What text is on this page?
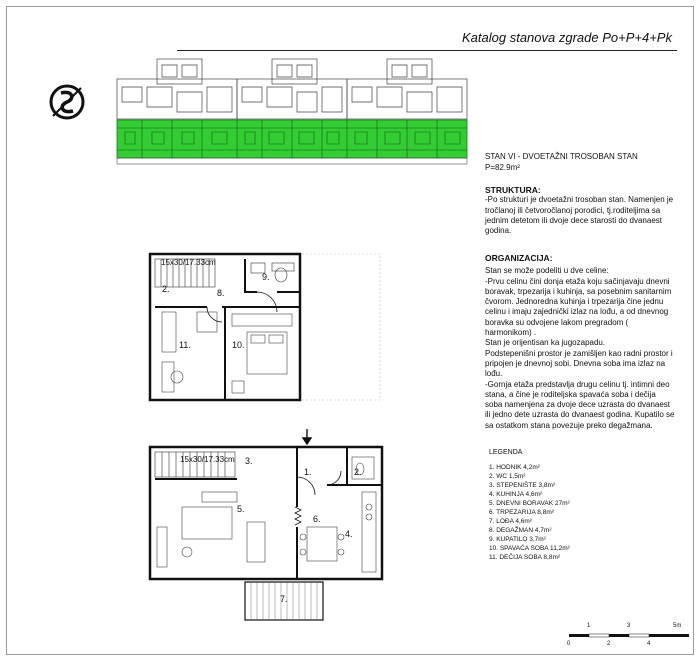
Katalog stanova zgrade Po+P+4+Pk
15x30/17.33cm
2.	8.
9.
11.	10.
15x30/17.33cm 3.
1.	2.
5.
6.
4.
7.
STAN VI - DVOETAŽNI TROSOBAN STAN
P=82.9m²
STRUKTURA:

-Po strukturi je dvoetažni trosoban stan. Namenjen je tročlanoj ili četvoročlanoj porodici, tj.roditeljima sa jednim detetom ili dvoje dece starosti do dvanaest godina.

ORGANIZACIJA:

Stan se može podeliti u dve celine:

-Prvu celinu čini donja etaža koju sačinjavaju dnevni boravak, trpezarija i kuhinja, sa posebnim sanitarnim čvorom. Jednoredna kuhinja i trpezarija čine jednu celinu i imaju zajednički izlaz na lođu, a od dnevnog boravka su odvojene lakom pregradom ( harmonikom) .

Stan je orijentisan ka jugozapadu.

Podstepenišni prostor je zamišljen kao radni prostor i pripojen je dnevnoj sobi. Dnevna soba ima izlaz na lođu.

-Gornja etaža predstavlja drugu celinu tj. intimni deo stana, a čine je roditeljska spavaća soba i dečija soba namenjena za dvoje dece uzrasta do dvanaest ili jedno dete uzrasta do dvanaest godina. Kupatilo se sa ostatkom stana povezuje preko degažmana.

LEGENDA
1. HODNIK 4,2m²
2. WC 1,5m²
3. STEPENIŠTE 3,8m²
4. KUHINJA 4,6m²
5. DNEVNI BORAVAK 27m²
6. TRPEZARIJA 8,8m²
7. LOĐA 4,6m²
8. DEGAŽMAN 4,7m²
9. KUPATILO 3,7m²
10. SPAVAĆA SOBA 11,2m²
11. DEČIJA SOBA 8,8m²
1	3	5m
0	2	4
